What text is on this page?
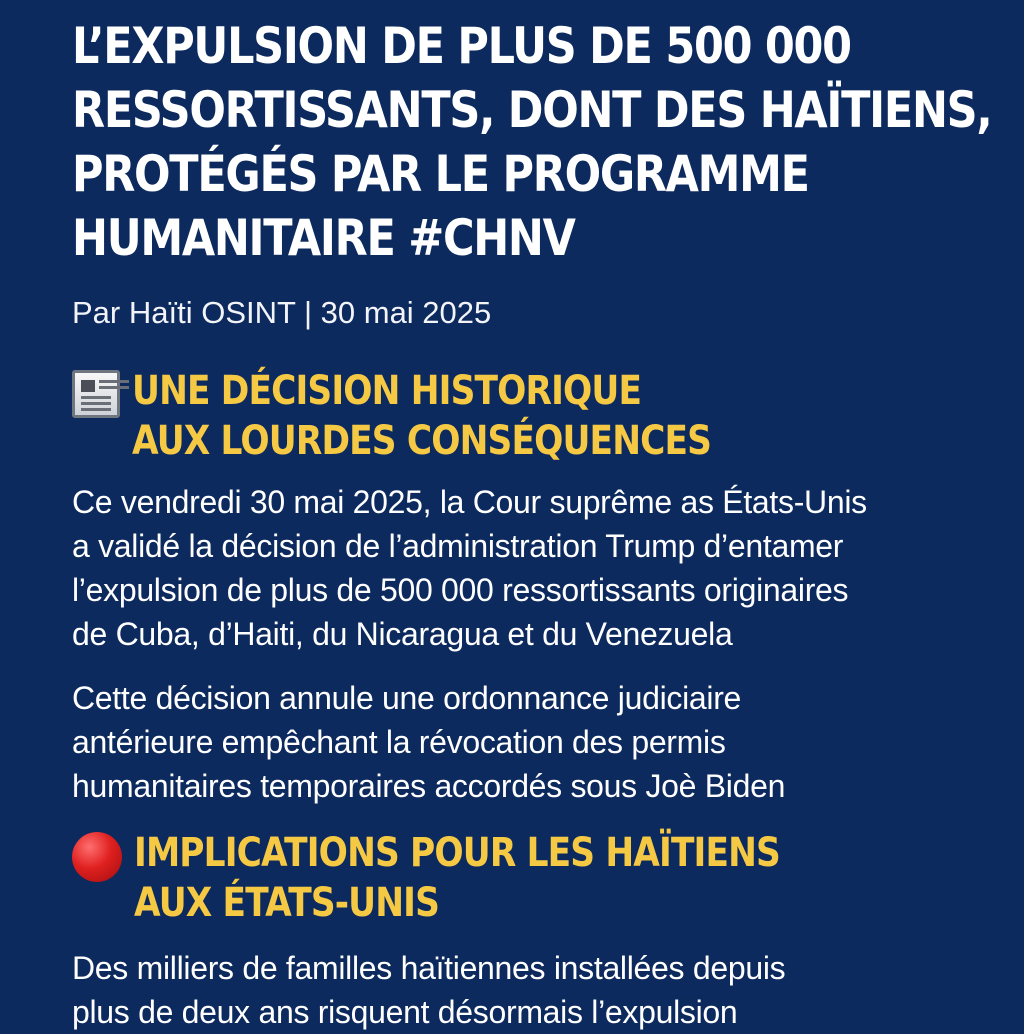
L’EXPULSION DE PLUS DE 500 000
RESSORTISSANTS, DONT DES HAÏTIENS,
PROTÉGÉS PAR LE PROGRAMME
HUMANITAIRE #CHNV

Par Haïti OSINT | 30 mai 2025

UNE DÉCISION HISTORIQUE
AUX LOURDES CONSÉQUENCES

Ce vendredi 30 mai 2025, la Cour suprême as États-Unis
a validé la décision de l’administration Trump d’entamer
l’expulsion de plus de 500 000 ressortissants originaires
de Cuba, d’Haiti, du Nicaragua et du Venezuela

Cette décision annule une ordonnance judiciaire
antérieure empêchant la révocation des permis
humanitaires temporaires accordés sous Joè Biden

IMPLICATIONS POUR LES HAÏTIENS
AUX ÉTATS-UNIS

Des milliers de familles haïtiennes installées depuis
plus de deux ans risquent désormais l’expulsion
